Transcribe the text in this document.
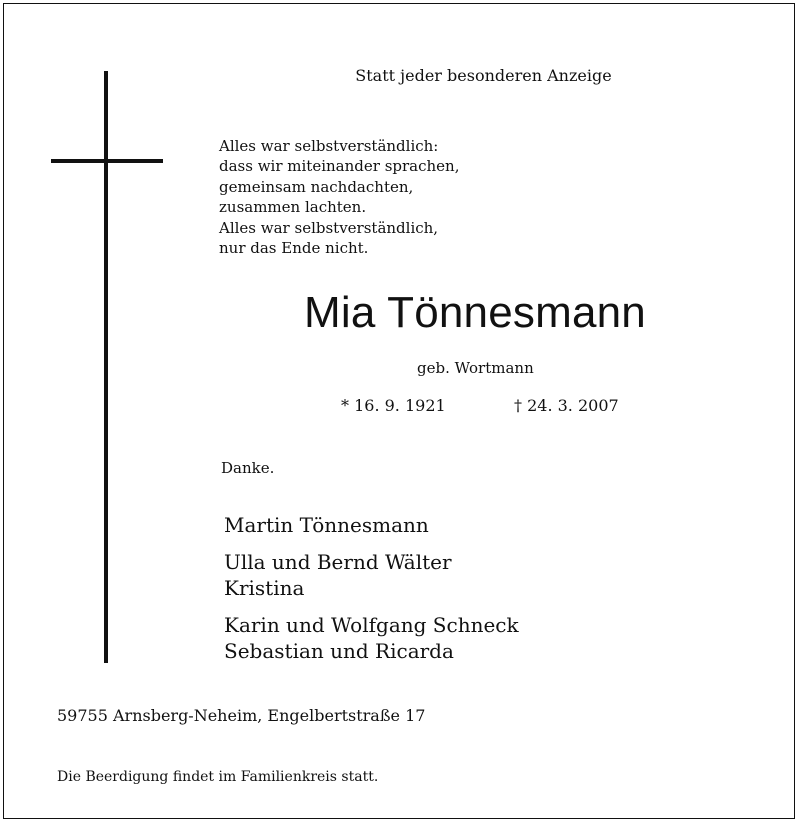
Statt jeder besonderen Anzeige
Alles war selbstverständlich:
dass wir miteinander sprachen,
gemeinsam nachdachten,
zusammen lachten.
Alles war selbstverständlich,
nur das Ende nicht.
Mia Tönnesmann
geb. Wortmann
* 16. 9. 1921	† 24. 3. 2007
Danke.
Martin Tönnesmann
Ulla und Bernd Wälter
Kristina
Karin und Wolfgang Schneck
Sebastian und Ricarda
59755 Arnsberg-Neheim, Engelbertstraße 17
Die Beerdigung findet im Familienkreis statt.
